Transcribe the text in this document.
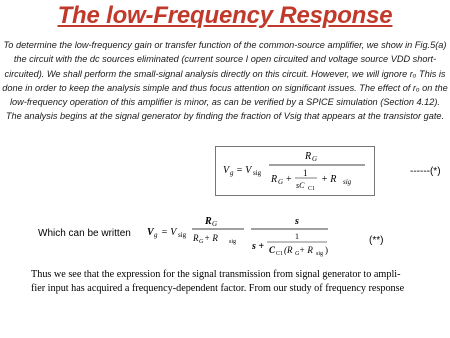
The low-Frequency Response
To determine the low-frequency gain or transfer function of the common-source amplifier, we show in Fig.5(a) the circuit with the dc sources eliminated (current source I open circuited and voltage source VDD short-circuited). We shall perform the small-signal analysis directly on this circuit. However, we will ignore rₒ This is done in order to keep the analysis simple and thus focus attention on significant issues. The effect of rₒ on the low-frequency operation of this amplifier is minor, as can be verified by a SPICE simulation (Section 4.12). The analysis begins at the signal generator by finding the fraction of Vsig that appears at the transistor gate.
V g = V sig
R G
R G +
1
sC C1
+ R sig
------(*)
Which can be written V g = V sig
R G
R G + R sig
s
s +
1
C C1 (R G + R sig )
(**)
Thus we see that the expression for the signal transmission from signal generator to ampli-
fier input has acquired a frequency-dependent factor. From our study of frequency response
